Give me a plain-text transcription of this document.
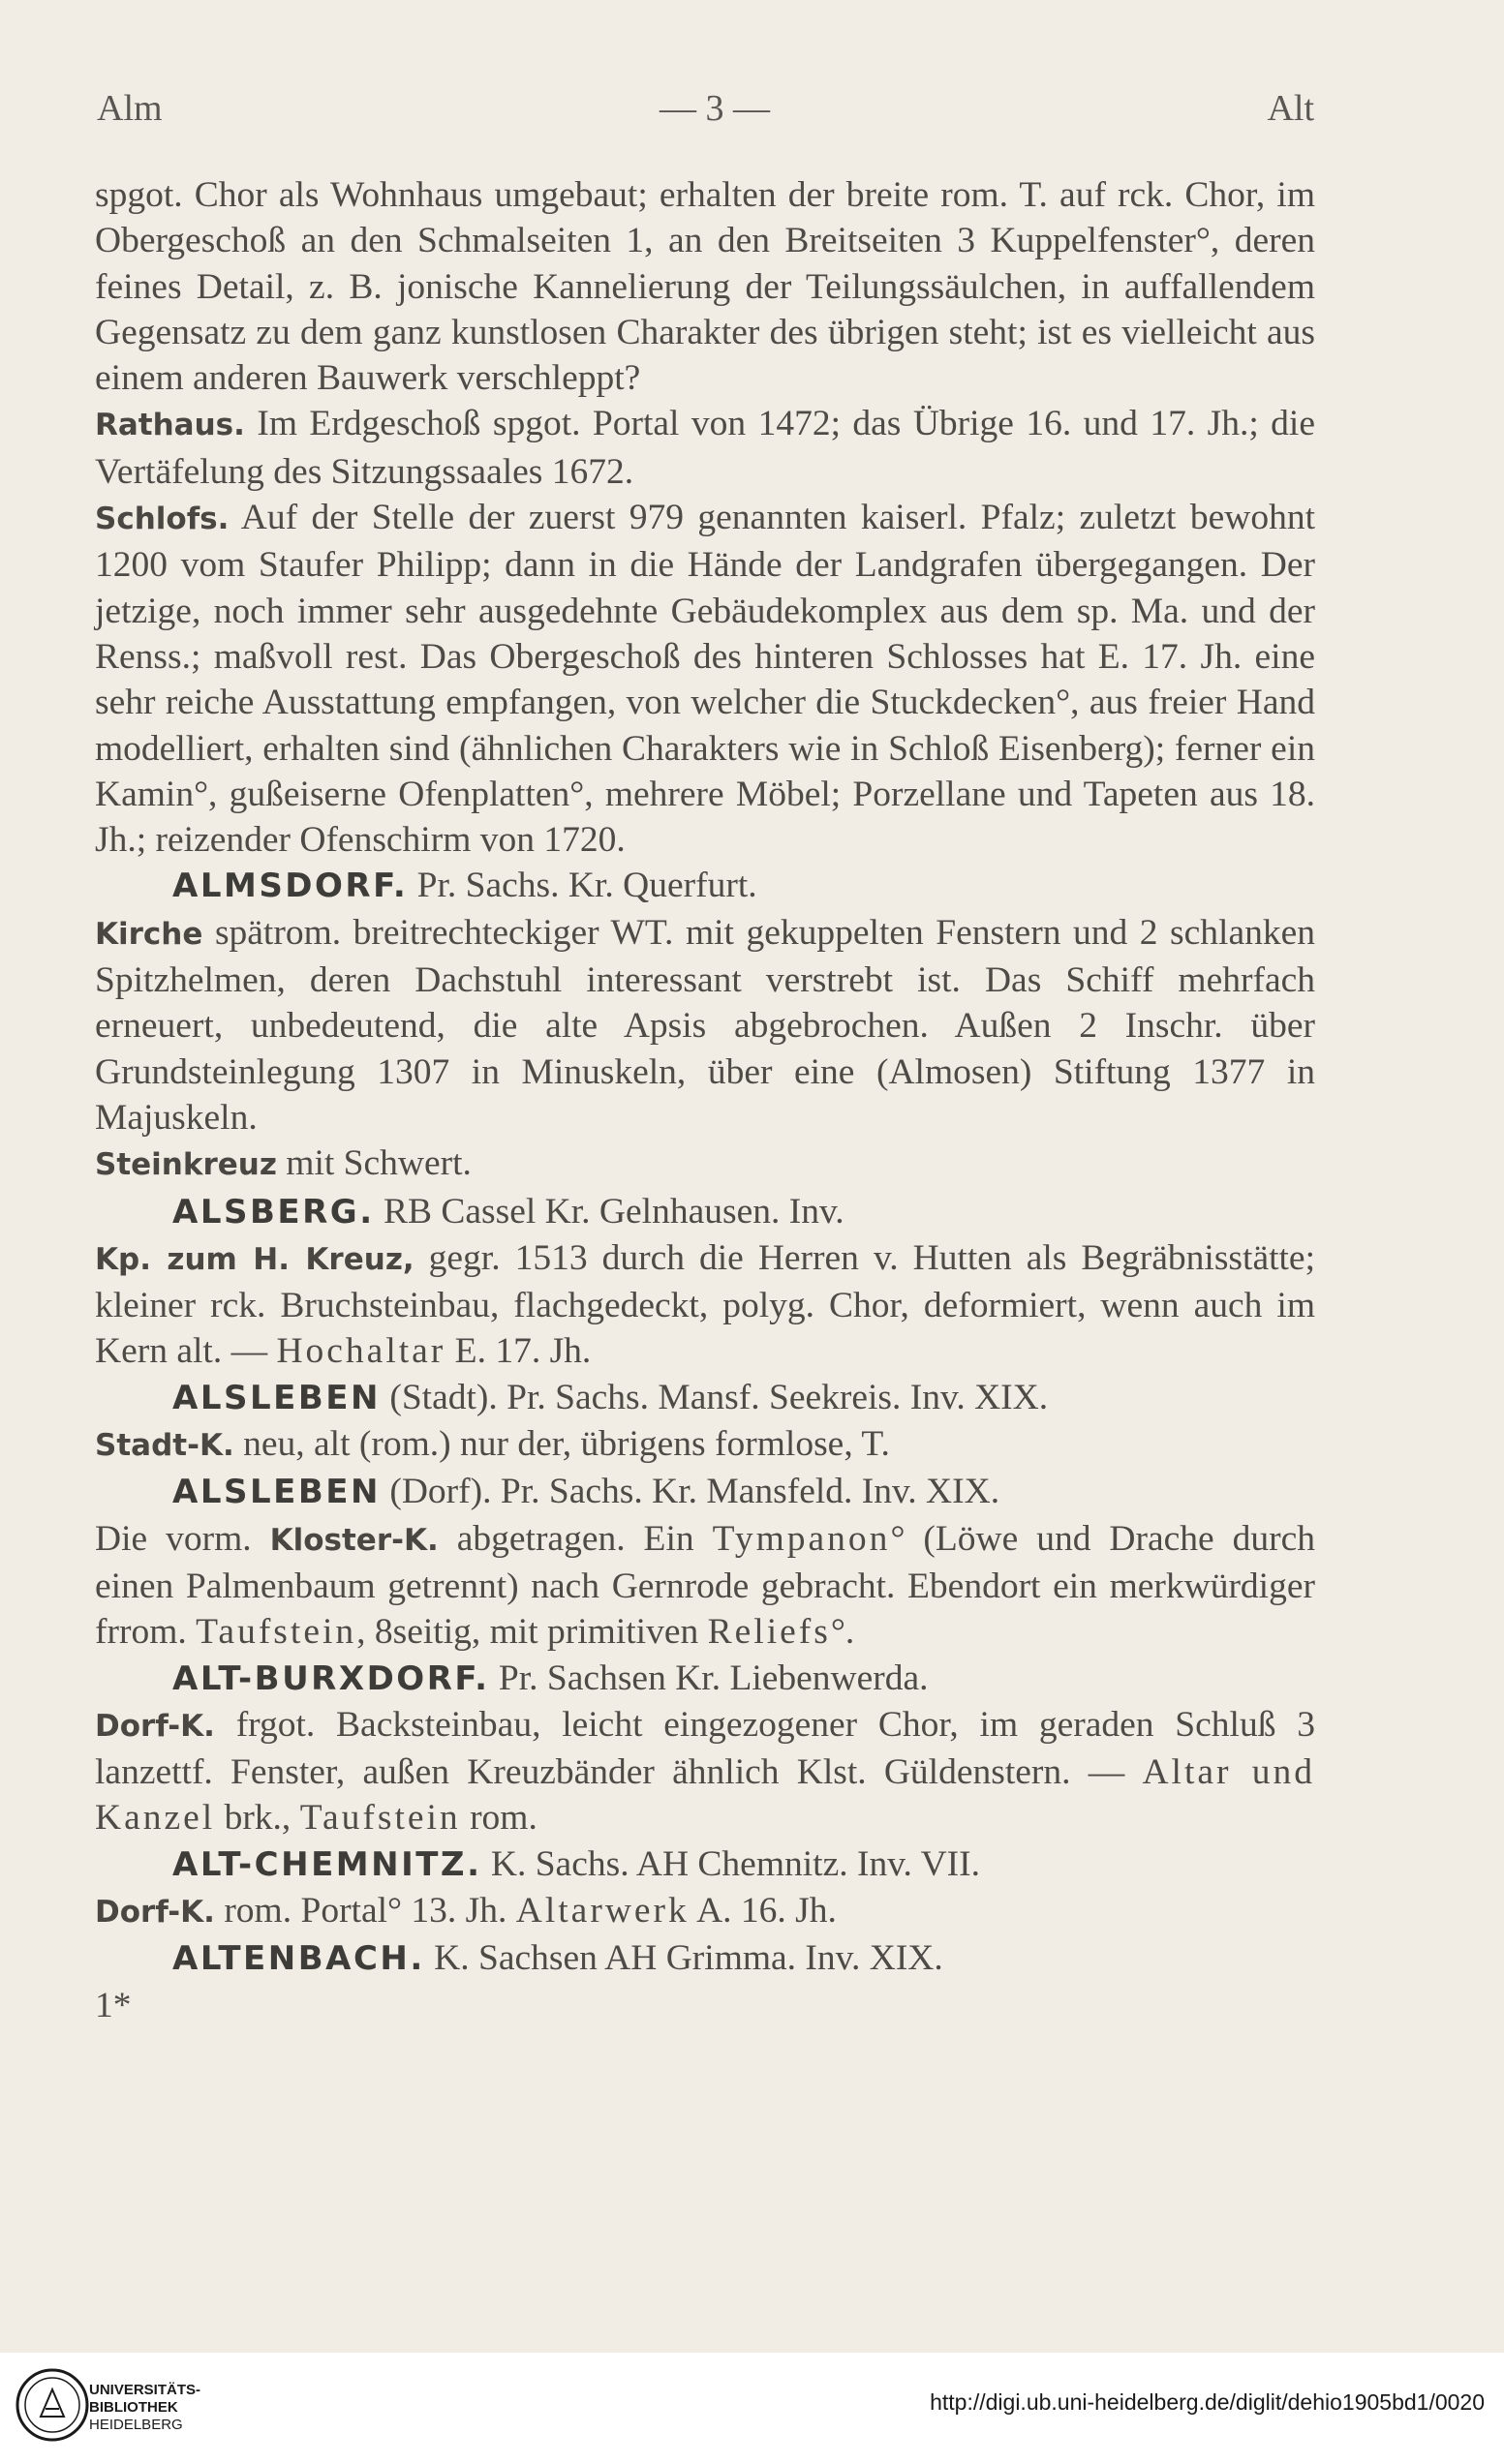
Alm	— 3 —	Alt

spgot. Chor als Wohnhaus umgebaut; erhalten der breite rom. T. auf rck. Chor, im Obergeschoß an den Schmalseiten 1, an den Breitseiten 3 Kuppelfenster°, deren feines Detail, z. B. jonische Kannelierung der Teilungssäulchen, in auffallendem Gegensatz zu dem ganz kunstlosen Charakter des übrigen steht; ist es vielleicht aus einem anderen Bauwerk verschleppt?

Rathaus. Im Erdgeschoß spgot. Portal von 1472; das Übrige 16. und 17. Jh.; die Vertäfelung des Sitzungssaales 1672.

Schlofs. Auf der Stelle der zuerst 979 genannten kaiserl. Pfalz; zuletzt bewohnt 1200 vom Staufer Philipp; dann in die Hände der Landgrafen übergegangen. Der jetzige, noch immer sehr ausgedehnte Gebäudekomplex aus dem sp. Ma. und der Renss.; maßvoll rest. Das Obergeschoß des hinteren Schlosses hat E. 17. Jh. eine sehr reiche Ausstattung empfangen, von welcher die Stuckdecken°, aus freier Hand modelliert, erhalten sind (ähnlichen Charakters wie in Schloß Eisenberg); ferner ein Kamin°, gußeiserne Ofenplatten°, mehrere Möbel; Porzellane und Tapeten aus 18. Jh.; reizender Ofenschirm von 1720.

ALMSDORF. Pr. Sachs. Kr. Querfurt.

Kirche spätrom. breitrechteckiger WT. mit gekuppelten Fenstern und 2 schlanken Spitzhelmen, deren Dachstuhl interessant verstrebt ist. Das Schiff mehrfach erneuert, unbedeutend, die alte Apsis abgebrochen. Außen 2 Inschr. über Grundsteinlegung 1307 in Minuskeln, über eine (Almosen) Stiftung 1377 in Majuskeln.

Steinkreuz mit Schwert.

ALSBERG. RB Cassel Kr. Gelnhausen. Inv.

Kp. zum H. Kreuz, gegr. 1513 durch die Herren v. Hutten als Begräbnisstätte; kleiner rck. Bruchsteinbau, flachgedeckt, polyg. Chor, deformiert, wenn auch im Kern alt. — Hochaltar E. 17. Jh.

ALSLEBEN (Stadt). Pr. Sachs. Mansf. Seekreis. Inv. XIX.

Stadt-K. neu, alt (rom.) nur der, übrigens formlose, T.

ALSLEBEN (Dorf). Pr. Sachs. Kr. Mansfeld. Inv. XIX.

Die vorm. Kloster-K. abgetragen. Ein Tympanon° (Löwe und Drache durch einen Palmenbaum getrennt) nach Gernrode gebracht. Ebendort ein merkwürdiger frrom. Taufstein, 8seitig, mit primitiven Reliefs°.

ALT-BURXDORF. Pr. Sachsen Kr. Liebenwerda.

Dorf-K. frgot. Backsteinbau, leicht eingezogener Chor, im geraden Schluß 3 lanzettf. Fenster, außen Kreuzbänder ähnlich Klst. Güldenstern. — Altar und Kanzel brk., Taufstein rom.

ALT-CHEMNITZ. K. Sachs. AH Chemnitz. Inv. VII.

Dorf-K. rom. Portal° 13. Jh. Altarwerk A. 16. Jh.

ALTENBACH. K. Sachsen AH Grimma. Inv. XIX.

1*

UNIVERSITÄTS-
BIBLIOTHEK
HEIDELBERG
http://digi.ub.uni-heidelberg.de/diglit/dehio1905bd1/0020
